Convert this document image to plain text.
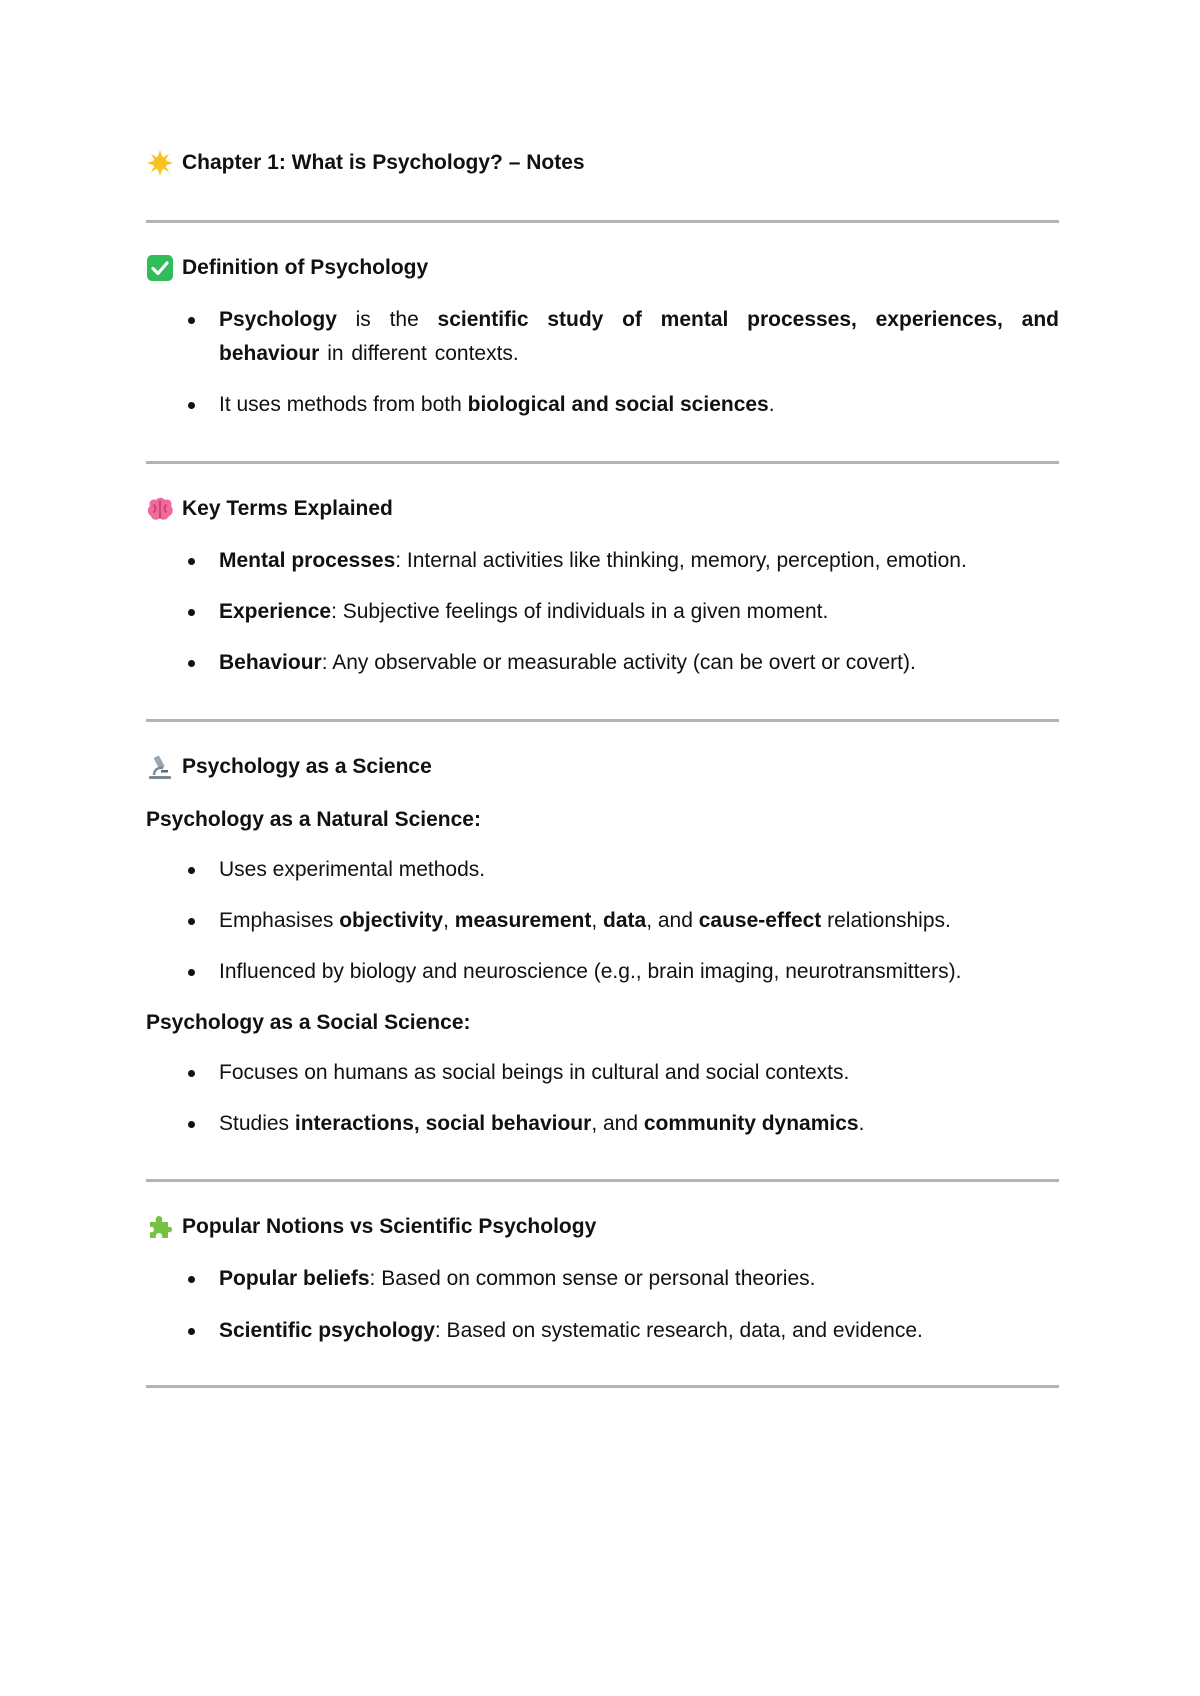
Chapter 1: What is Psychology? – Notes
Definition of Psychology
Psychology is the scientific study of mental processes, experiences, and behaviour in different contexts.
It uses methods from both biological and social sciences.
Key Terms Explained
Mental processes: Internal activities like thinking, memory, perception, emotion.
Experience: Subjective feelings of individuals in a given moment.
Behaviour: Any observable or measurable activity (can be overt or covert).
Psychology as a Science
Psychology as a Natural Science:
Uses experimental methods.
Emphasises objectivity, measurement, data, and cause-effect relationships.
Influenced by biology and neuroscience (e.g., brain imaging, neurotransmitters).
Psychology as a Social Science:
Focuses on humans as social beings in cultural and social contexts.
Studies interactions, social behaviour, and community dynamics.
Popular Notions vs Scientific Psychology
Popular beliefs: Based on common sense or personal theories.
Scientific psychology: Based on systematic research, data, and evidence.
